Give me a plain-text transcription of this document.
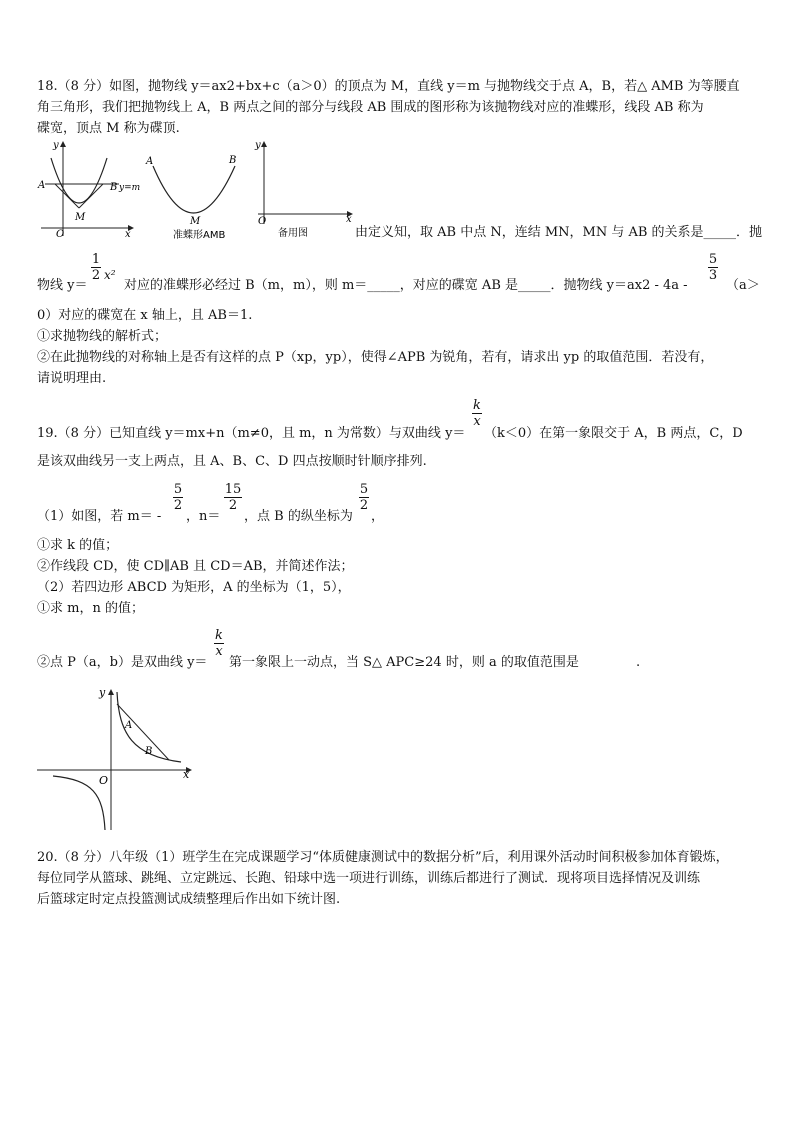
18.（8 分）如图，抛物线 y＝ax2+bx+c（a＞0）的顶点为 M，直线 y＝m 与抛物线交于点 A，B，若△ AMB 为等腰直
角三角形，我们把抛物线上 A，B 两点之间的部分与线段 AB 围成的图形称为该抛物线对应的准蝶形，线段 AB 称为
碟宽，顶点 M 称为碟顶.
y
x
O
A	B y=m
M
A	B
M
准蝶形AMB
y
x
O
备用图	由定义知，取 AB 中点 N，连结 MN，MN 与 AB 的关系是_____．抛
物线 y＝
1
2 x²
对应的准蝶形必经过 B（m，m），则 m＝_____，对应的碟宽 AB 是_____．抛物线 y＝ax2 - 4a -
5
3
（a＞
0）对应的碟宽在 x 轴上，且 AB＝1.
①求抛物线的解析式；
②在此抛物线的对称轴上是否有这样的点 P（xp，yp），使得∠APB 为锐角，若有，请求出 yp 的取值范围．若没有，
请说明理由.
19.（8 分）已知直线 y＝mx+n（m≠0，且 m，n 为常数）与双曲线 y＝
k
x
（k＜0）在第一象限交于 A，B 两点，C，D
是该双曲线另一支上两点，且 A、B、C、D 四点按顺时针顺序排列.
（1）如图，若 m＝ -
5
2
，n＝
15
2
，点 B 的纵坐标为
5
2
，
①求 k 的值；
②作线段 CD，使 CD∥AB 且 CD＝AB，并简述作法；
（2）若四边形 ABCD 为矩形，A 的坐标为（1，5），
①求 m，n 的值；
②点 P（a，b）是双曲线 y＝
k
x
第一象限上一动点，当 S△ APC≥24 时，则 a 的取值范围是	.
y
x
O
A
B
20.（8 分）八年级（1）班学生在完成课题学习“体质健康测试中的数据分析”后，利用课外活动时间积极参加体育锻炼，
每位同学从篮球、跳绳、立定跳远、长跑、铅球中选一项进行训练，训练后都进行了测试．现将项目选择情况及训练
后篮球定时定点投篮测试成绩整理后作出如下统计图.
